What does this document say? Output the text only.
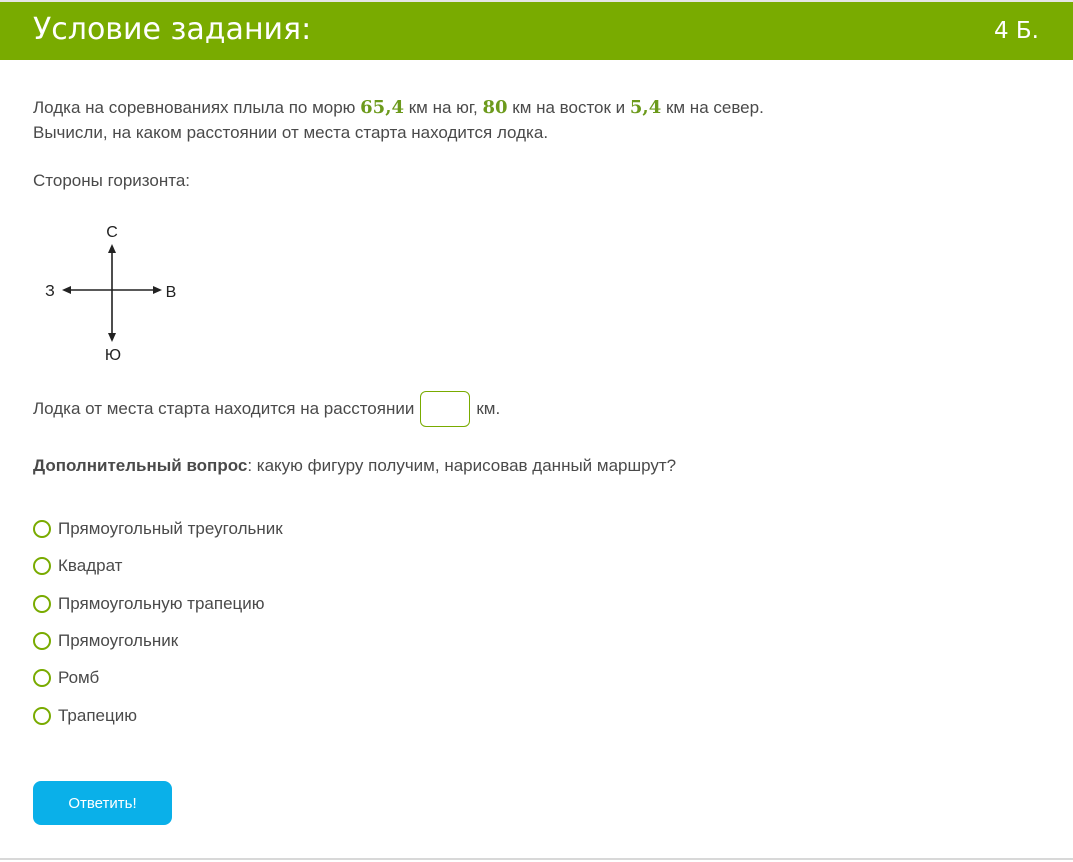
Условие задания:	4 Б.
Лодка на соревнованиях плыла по морю 65,4 км на юг, 80 км на восток и 5,4 км на север.
Вычисли, на каком расстоянии от места старта находится лодка.
Стороны горизонта:
С
Ю
З	В
Лодка от места старта находится на расстоянии	км.
Дополнительный вопрос: какую фигуру получим, нарисовав данный маршрут?
Прямоугольный треугольник
Квадрат
Прямоугольную трапецию
Прямоугольник
Ромб
Трапецию
Ответить!
